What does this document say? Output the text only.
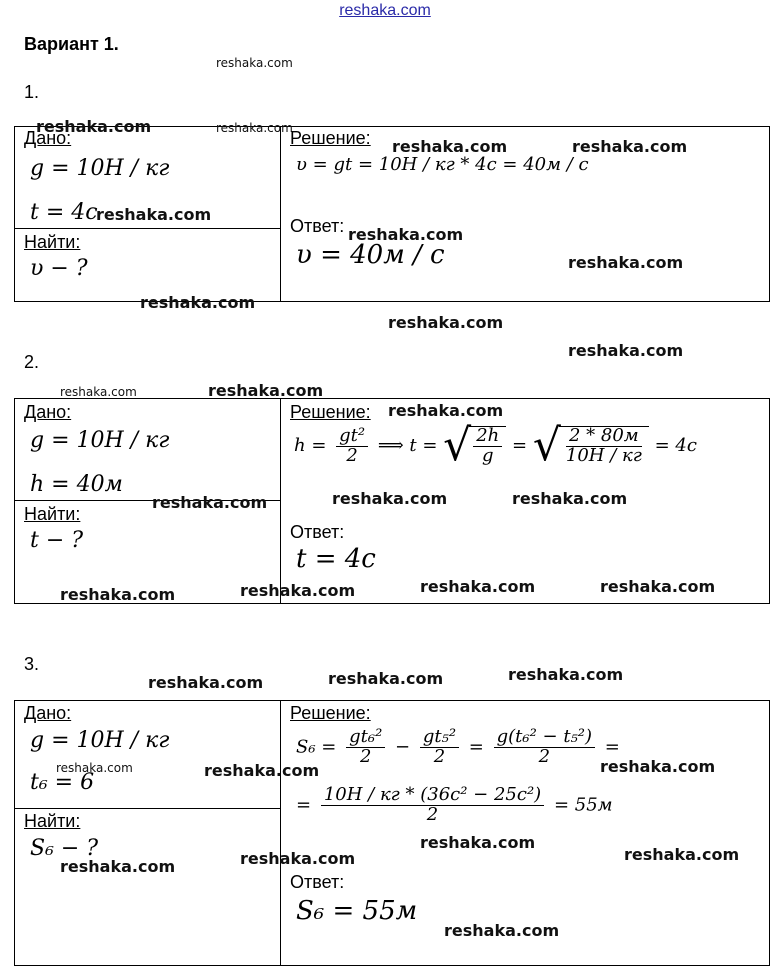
reshaka.com
Вариант 1.
1.
Дано:
g = 10Н / кг
t = 4с
Найти:
υ − ?
Решение:
υ = gt = 10Н / кг * 4с = 40м / с
Ответ:
υ = 40м / с
2.
Дано:
g = 10Н / кг
h = 40м
Найти:
t − ?
Решение:
$h = \frac{\text{gt²}}{2}$ ⟹ t = √ $\frac{2h}{g}$ = √ $\frac{2 * 80м}{10Н / кг} = 4с$
Ответ:
t = 4с
3.
Дано:
g = 10Н / кг
t₆ = 6
Найти:
S₆ − ?
Решение:
$S_6 = \frac{\text{gt₆²}}{2} - \frac{\text{gt₅²}}{2} = \frac{\text{g(t₆² − t₅²)}}{2}$ =
= $\frac{\text{10Н / кг * (36с² − 25с²)}}{2} = 55м$
Ответ:
S₆ = 55м
reshaka.com
reshaka.com	reshaka.com
reshaka.com	reshaka.com
reshaka.com
reshaka.com
reshaka.com
reshaka.com
reshaka.com
reshaka.com
reshaka.com	reshaka.com
reshaka.com
reshaka.com	reshaka.com
reshaka.com
reshaka.com	reshaka.com
reshaka.com
reshaka.com
reshaka.com
reshaka.com
reshaka.com
reshaka.com	reshaka.com
reshaka.com
reshaka.com
reshaka.com
reshaka.com
reshaka.com
reshaka.com
